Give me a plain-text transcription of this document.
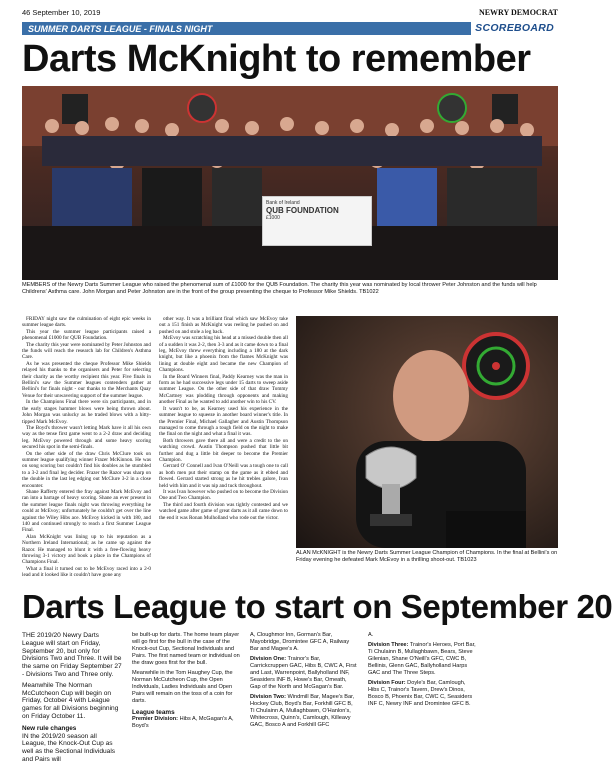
46 September 10, 2019	NEWRY DEMOCRAT
SUMMER DARTS LEAGUE - FINALS NIGHT	SCOREBOARD
Darts McKnight to remember
Bank of Ireland
QUB FOUNDATION
£1000
MEMBERS of the Newry Darts Summer League who raised the phenomenal sum of £1000 for the QUB Foundation. The charity this year was nominated by local thrower Peter Johnston and the funds will help Childrens' Asthma care. John Morgan and Peter Johnston are in the front of the group presenting the cheque to Professor Mike Shields. TB1022

FRIDAY night saw the culmination of eight epic weeks in summer league darts.

This year the summer league participants raised a phenomenal £1000 for QUB Foundation.

The charity this year were nominated by Peter Johnston and the funds will reach the research lab for Children's Asthma Care.

As he was presented the cheque Professor Mike Shields relayed his thanks to the organisers and Peter for selecting their charity as the worthy recipient this year. Five finals in Bellini's saw the Summer leagues contenders gather at Bellini's for finals night - our thanks to the Merchants Quay Venue for their unwavering support of the summer league.

In the Champions Final there were six participants, and in the early stages hammer blows were being thrown about. John Morgan was unlucky as he traded blows with a hitty-tipped Mark McEvoy.

The Boyd's thrower wasn't letting Mark have it all his own way as the tense first game went to a 2-2 draw and deciding leg. McEvoy powered through and some heavy scoring secured his spot in the semi-finals.

On the other side of the draw Chris McClure took on summer league qualifying winner Frazer McKinnon. He was on song scoring but couldn't find his doubles as he stumbled to a 3-2 and final leg decider. Frazer the Razor was sharp on the double in the last leg edging out McClure 3-2 in a close encounter.

Shane Rafferty entered the fray against Mark McEvoy and ran into a barrage of heavy scoring. Shane an ever present in the summer league finals night was throwing everything he could at McEvoy; unfortunately he couldn't get over the line against the Wiley Hibs ace. McEvoy kicked in with 180, and 140 and continued strongly to reach a first Summer League Final.

Alan McKnight was lining up to his reputation as a Northern Ireland International; as he came up against the Razor. He managed to blunt it with a free-flowing heavy throwing 3-1 victory and book a place in the Champions of Champions Final.

What a final it turned out to be McEvoy raced into a 2-0 lead and it looked like it couldn't have gone any

other way. It was a brilliant final which saw McEvoy take out a 151 finish as McKnight was reeling he pushed on and pushed on and stole a leg back.

McEvoy was scratching his head at a missed double then all of a sudden it was 2-2, then 3-3 and as it came down to a final leg, McEvoy threw everything including a 180 at the dark knight, but like a phoenix from the flames McKnight was lining at double eight and became the new Champion of Champions.

In the Board Winners final, Paddy Kearney was the man in form as he had successive legs under 15 darts to sweep aside summer League. On the other side of that draw Tommy McCartney was plodding through opponents and making another Final as he wanted to add another win to his CV.

It wasn't to be, as Kearney used his experience in the summer league to squeeze in another board winner's title. In the Premier Final, Michael Gallagher and Austin Thompson managed to come through a tough field on the night to make the final on the night and what a final it was.

Both throwers gave there all and were a credit to the on watching crowd. Austin Thompson pushed that little bit further and dug a little bit deeper to become the Premier Champion.

Gerrard O' Connell and Ivan O'Neill was a tough one to call as both men put their stamp on the game as it ebbed and flowed. Gerrard started strong as he hit trebles galore, Ivan held with him and it was nip and tuck throughout.

It was Ivan however who pushed on to become the Division One and Two Champion.

The third and fourth division was tightly contested and we watched game after game of great darts as it all came down to the end it was Ronan Mulholland who rode out the victor.

ALAN McKNIGHT is the Newry Darts Summer League Champion of Champions. In the final at Bellini's on Friday evening he defeated Mark McEvoy in a thrilling shoot-out. TB1023
Darts League to start on September 20

THE 2019/20 Newry Darts League will start on Friday, September 20, but only for Divisions Two and Three. It will be the same on Friday September 27 - Divisions Two and Three only.

Meanwhile The Norman McCutcheon Cup will begin on Friday, October 4 with League games for all Divisions beginning on Friday October 11.

New rule changes

IN the 2019/20 season all League, the Knock-Out Cup as well as the Sectional Individuals and Pairs will

be built-up for darts. The home team player will go first for the bull in the case of the Knock-out Cup, Sectional Individuals and Pairs. The first named team or individual on the draw goes first for the bull.

Meanwhile in the Tom Haughey Cup, the Norman McCutcheon Cup, the Open Individuals, Ladies Individuals and Open Pairs will remain on the toss of a coin for darts.

League teams

Premier Division: Hibs A, McGagan's A, Boyd's

A, Cloughmor Inn, Gorman's Bar, Mayobridge, Dromintee GFC A, Railway Bar and Magee's A.

Division One: Trainor's Bar, Carrickcruppen GAC, Hibs B, CWC A, First and Last, Warrenpoint, Ballyholland INF, Seasiders INF B, Howe's Bar, Omeath, Gap of the North and McGagan's Bar.

Division Two: Windmill Bar, Magee's Bar, Hockey Club, Boyd's Bar, Forkhill GFC B, Ti Chulainn A, Mullaghbawn, O'Hanlon's, Whitecross, Quinn's, Camlough, Killeavy GAC, Bosco A and Forkhill GFC

A.

Division Three: Trainor's Heroes, Port Bar, Ti Chulainn B, Mullaghbawn, Bears, Steve Gilenian, Shane O'Neill's GFC, CWC B, Bellinis, Glenn GAC, Ballyholland Harps GAC and The Three Steps.

Division Four: Doyle's Bar, Camlough, Hibs C, Trainor's Tavern, Drew's Dinos, Bosco B, Phoenix Bar, CWC C, Seasiders INF C, Newry INF and Dromintee GFC B.
